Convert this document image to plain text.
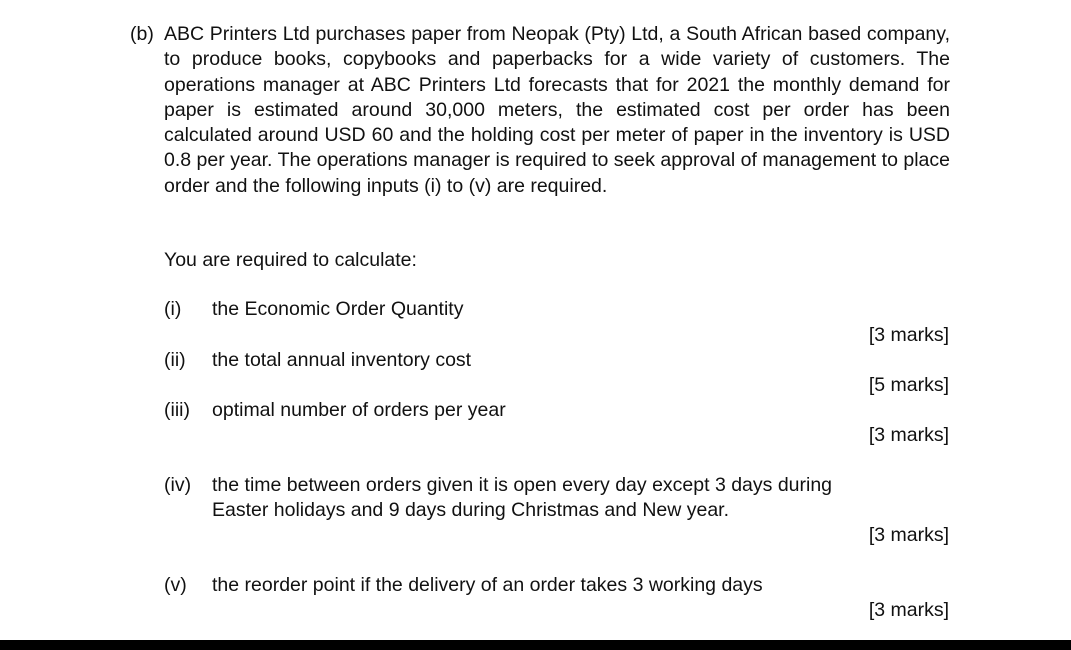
(b) ABC Printers Ltd purchases paper from Neopak (Pty) Ltd, a South African based company, to produce books, copybooks and paperbacks for a wide variety of customers. The operations manager at ABC Printers Ltd forecasts that for 2021 the monthly demand for paper is estimated around 30,000 meters, the estimated cost per order has been calculated around USD 60 and the holding cost per meter of paper in the inventory is USD 0.8 per year. The operations manager is required to seek approval of management to place order and the following inputs (i) to (v) are required.
You are required to calculate:
(i) the Economic Order Quantity
[3 marks]
(ii) the total annual inventory cost
[5 marks]
(iii) optimal number of orders per year
[3 marks]
(iv) the time between orders given it is open every day except 3 days during
Easter holidays and 9 days during Christmas and New year.
[3 marks]
(v) the reorder point if the delivery of an order takes 3 working days
[3 marks]
